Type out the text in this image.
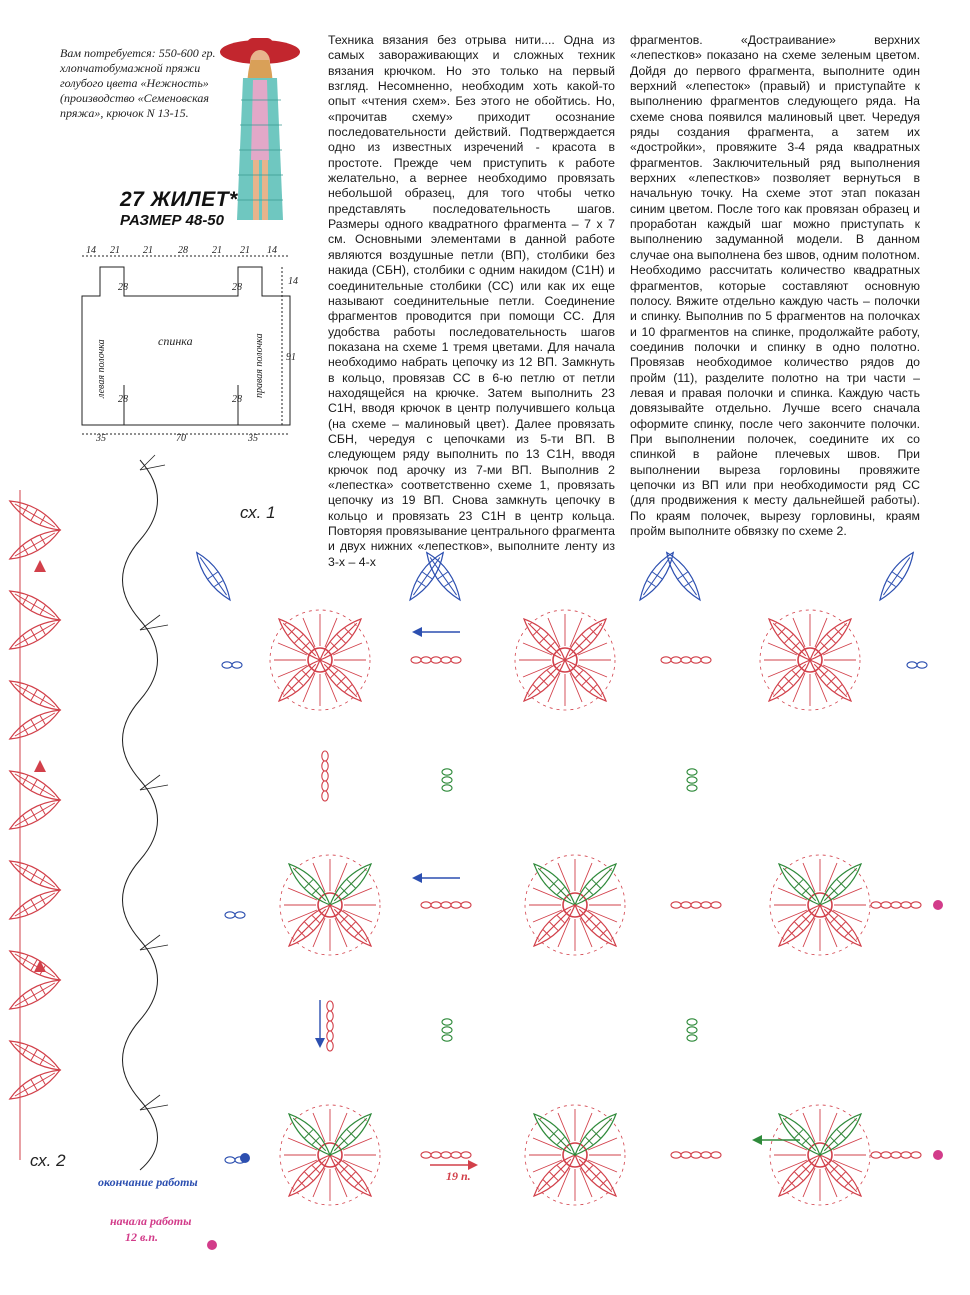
Вам потребуется: 550-600 гр. хлопчатобумажной пряжи голубого цвета «Нежность» (производство «Семеновская пряжа», крючок N 13-15.

27 ЖИЛЕТ*
РАЗМЕР 48-50

Техника вязания без отрыва нити.... Одна из самых завораживающих и сложных техник вязания крючком. Но это только на первый взгляд. Несомненно, необходим хоть какой-то опыт «чтения схем». Без этого не обойтись. Но, «прочитав схему» приходит осознание последовательности действий. Подтверждается одно из известных изречений - красота в простоте. Прежде чем приступить к работе желательно, а вернее необходимо провязать небольшой образец, для того чтобы четко представлять последовательность шагов. Размеры одного квадратного фрагмента – 7 х 7 см. Основными элементами в данной работе являются воздушные петли (ВП), столбики без накида (СБН), столбики с одним накидом (С1Н) и соединительные столбики (СС) или как их еще называют соединительные петли. Соединение фрагментов проводится при помощи СС. Для удобства работы последовательность шагов показана на схеме 1 тремя цветами. Для начала необходимо набрать цепочку из 12 ВП. Замкнуть в кольцо, провязав СС в 6-ю петлю от петли находящейся на крючке. Затем выполнить 23 С1Н, вводя крючок в центр получившего кольца (на схеме – малиновый цвет). Далее провязать СБН, чередуя с цепочками из 5-ти ВП. В следующем ряду выполнить по 13 С1Н, вводя крючок под арочку из 7-ми ВП. Выполнив 2 «лепестка» соответственно схеме 1, провязать цепочку из 19 ВП. Снова замкнуть цепочку в кольцо и провязать 23 С1Н в центр кольца. Повторяя провязывание центрального фрагмента и двух нижних «лепестков», выполните ленту из 3-х – 4-х

фрагментов. «Достраивание» верхних «лепестков» показано на схеме зеленым цветом. Дойдя до первого фрагмента, выполните один верхний «лепесток» (правый) и приступайте к выполнению фрагментов следующего ряда. На схеме снова появился малиновый цвет. Чередуя ряды создания фрагмента, а затем их «достройки», провяжите 3-4 ряда квадратных фрагментов. Заключительный ряд выполнения верхних «лепестков» позволяет вернуться в начальную точку. На схеме этот этап показан синим цветом. После того как провязан образец и проработан каждый шаг можно приступать к выполнению задуманной модели. В данном случае она выполнена без швов, одним полотном. Необходимо рассчитать количество квадратных фрагментов, которые составляют основную полосу. Вяжите отдельно каждую часть – полочки и спинку. Выполнив по 5 фрагментов на полочках и 10 фрагментов на спинке, продолжайте работу, соединив полочки и спинку в одно полотно. Провязав необходимое количество рядов до пройм (11), разделите полотно на три части – левая и правая полочки и спинка. Каждую часть довязывайте отдельно. Лучше всего сначала оформите спинку, после чего закончите полочки. При выполнении полочек, соедините их со спинкой в районе плечевых швов. При выполнении выреза горловины провяжите цепочки из ВП или при необходимости ряд СС (для продвижения к месту дальнейшей работы). По краям полочек, вырезу горловины, краям пройм выполните обвязку по схеме 2.

14 21 21	28 21 21 14
28	28
28	28
14
91
35	70	35
спинка
левая полочка	правая полочка
сх. 1
сх. 2
окончание работы	19 п.
начала работы
12 в.п.
